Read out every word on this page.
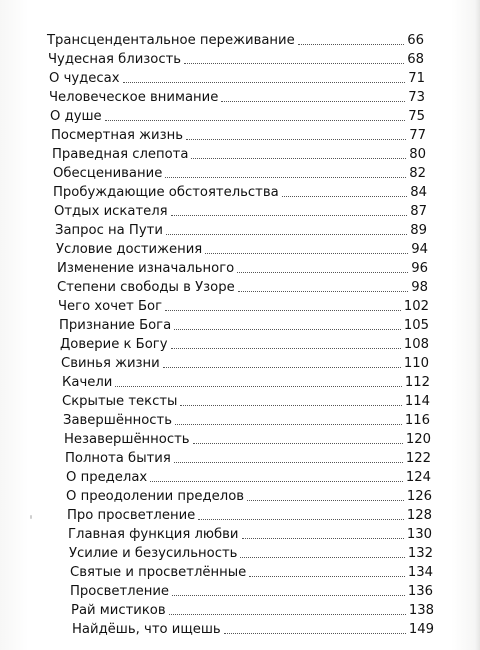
Трансцендентальное переживание	66
Чудесная близость	68
О чудесах	71
Человеческое внимание	73
О душе	75
Посмертная жизнь	77
Праведная слепота	80
Обесценивание	82
Пробуждающие обстоятельства	84
Отдых искателя	87
Запрос на Пути	89
Условие достижения	94
Изменение изначального	96
Степени свободы в Узоре	98
Чего хочет Бог	102
Признание Бога	105
Доверие к Богу	108
Свинья жизни	110
Качели	112
Скрытые тексты	114
Завершённость	116
Незавершённость	120
Полнота бытия	122
О пределах	124
О преодолении пределов	126
Про просветление	128
Главная функция любви	130
Усилие и безусильность	132
Святые и просветлённые	134
Просветление	136
Рай мистиков	138
Найдёшь, что ищешь	149
